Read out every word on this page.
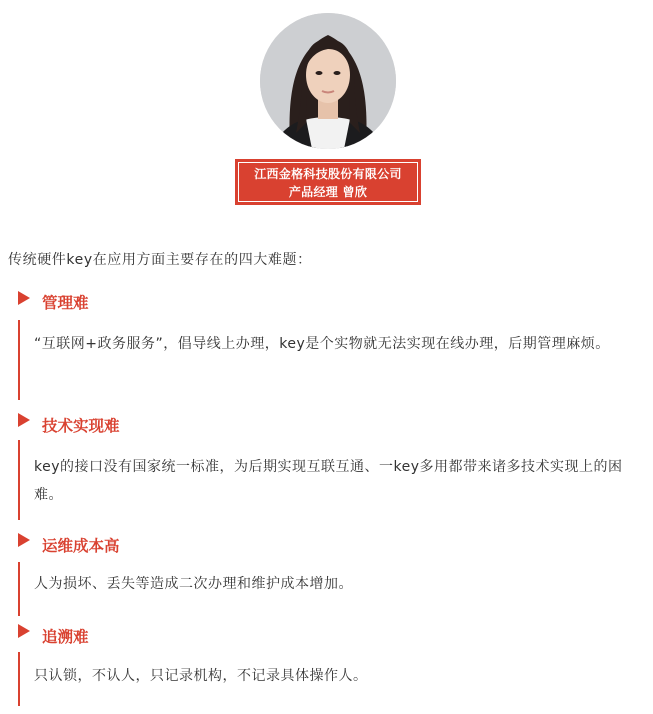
江西金格科技股份有限公司
产品经理 曾欣
传统硬件key在应用方面主要存在的四大难题：
管理难
“互联网+政务服务”，倡导线上办理，key是个实物就无法实现在线办理，后期管理麻烦。
技术实现难
key的接口没有国家统一标准，为后期实现互联互通、一key多用都带来诸多技术实现上的困难。
运维成本高
人为损坏、丢失等造成二次办理和维护成本增加。
追溯难
只认锁，不认人，只记录机构，不记录具体操作人。
